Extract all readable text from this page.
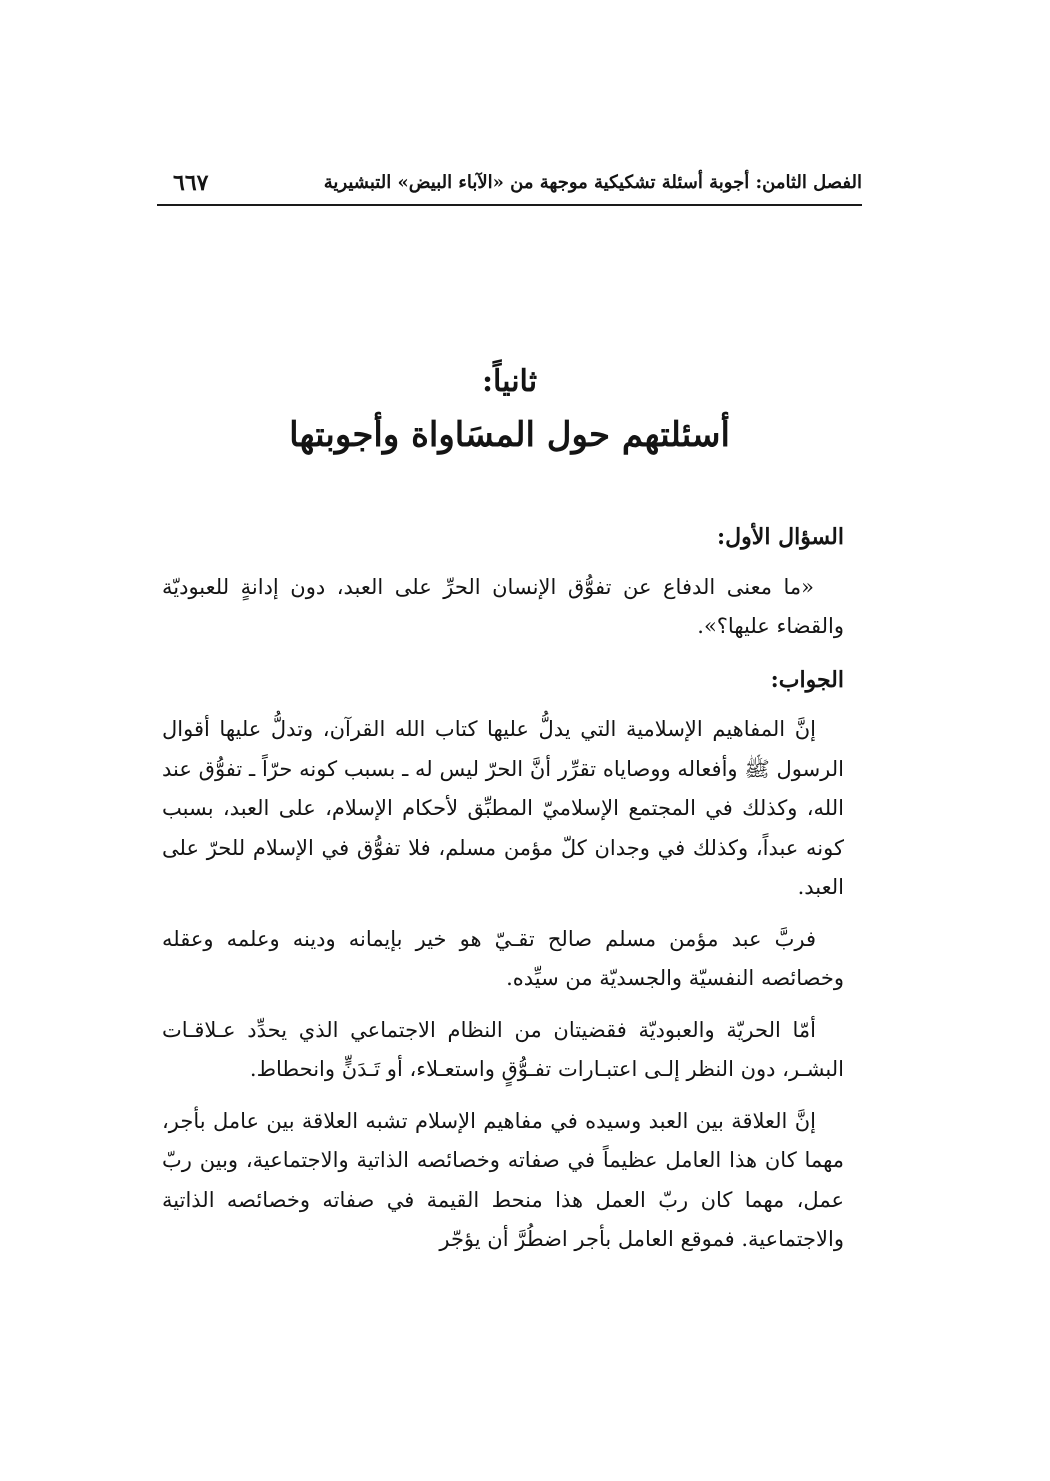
الفصل الثامن: أجوبة أسئلة تشكيكية موجهة من «الآباء البيض» التبشيرية
٦٦٧
ثانياً:
أسئلتهم حول المسَاواة وأجوبتها

السؤال الأول:

«ما معنى الدفاع عن تفوُّق الإنسان الحرِّ على العبد، دون إدانةٍ للعبوديّة والقضاء عليها؟».

الجواب:

إنَّ المفاهيم الإسلامية التي يدلُّ عليها كتاب الله القرآن، وتدلُّ عليها أقوال الرسول ﷺ وأفعاله ووصاياه تقرِّر أنَّ الحرّ ليس له ـ بسبب كونه حرّاً ـ تفوُّق عند الله، وكذلك في المجتمع الإسلاميّ المطبِّق لأحكام الإسلام، على العبد، بسبب كونه عبداً، وكذلك في وجدان كلّ مؤمن مسلم، فلا تفوُّق في الإسلام للحرّ على العبد.

فربَّ عبد مؤمن مسلم صالح تقـيّ هو خير بإيمانه ودينه وعلمه وعقله وخصائصه النفسيّة والجسديّة من سيِّده.

أمّا الحريّة والعبوديّة فقضيتان من النظام الاجتماعي الذي يحدِّد عـلاقـات البشـر، دون النظر إلـى اعتبـارات تفـوُّقٍ واستعـلاء، أو تَـدَنٍّ وانحطاط.

إنَّ العلاقة بين العبد وسيده في مفاهيم الإسلام تشبه العلاقة بين عامل بأجر، مهما كان هذا العامل عظيماً في صفاته وخصائصه الذاتية والاجتماعية، وبين ربّ عمل، مهما كان ربّ العمل هذا منحط القيمة في صفاته وخصائصه الذاتية والاجتماعية. فموقع العامل بأجر اضطُرَّ أن يؤجّر
